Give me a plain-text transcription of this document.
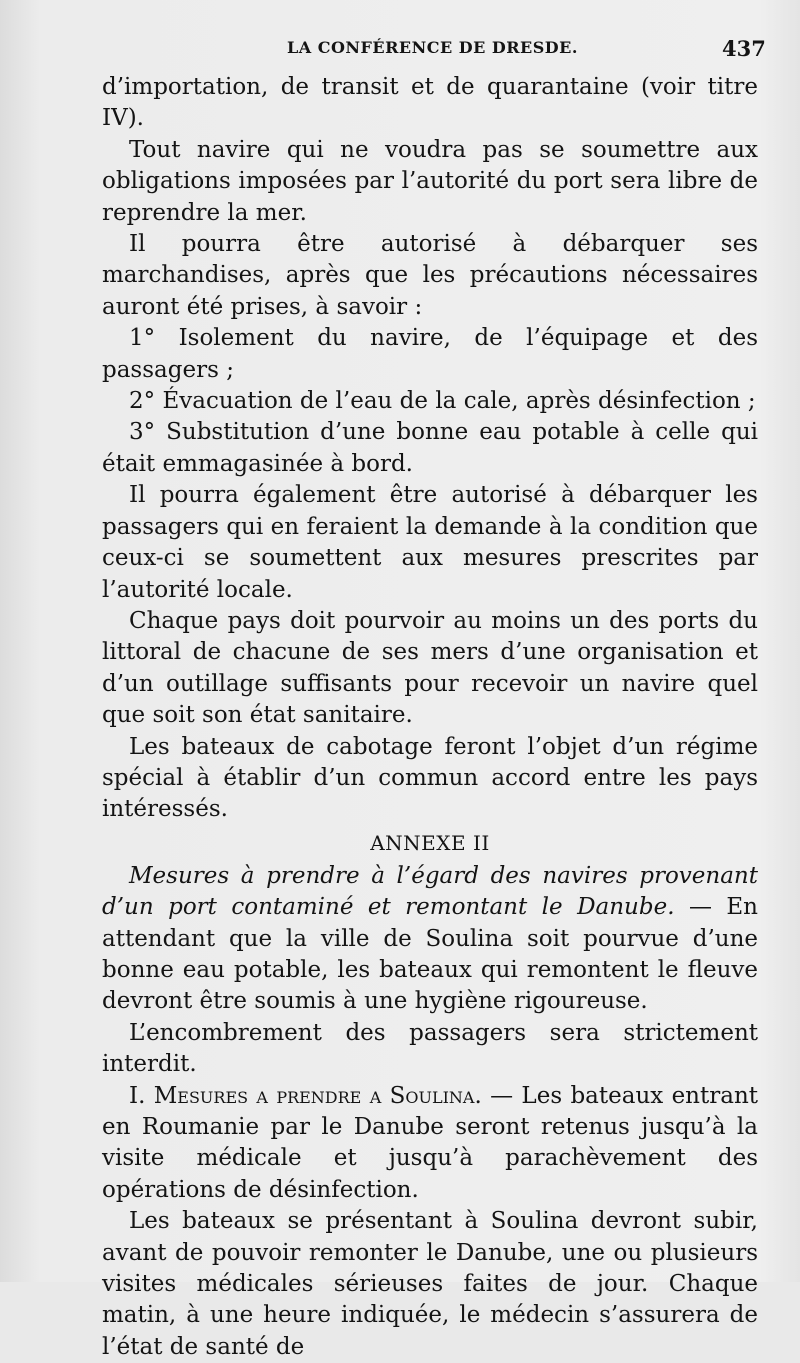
LA CONFÉRENCE DE DRESDE.	437

d’importation, de transit et de quarantaine (voir titre IV).

Tout navire qui ne voudra pas se soumettre aux obligations imposées par l’autorité du port sera libre de reprendre la mer.

Il pourra être autorisé à débarquer ses marchandises, après que les précautions nécessaires auront été prises, à savoir :

1° Isolement du navire, de l’équipage et des passagers ;

2° Évacuation de l’eau de la cale, après désinfection ;

3° Substitution d’une bonne eau potable à celle qui était emmagasinée à bord.

Il pourra également être autorisé à débarquer les passagers qui en feraient la demande à la condition que ceux-ci se soumettent aux mesures prescrites par l’autorité locale.

Chaque pays doit pourvoir au moins un des ports du littoral de chacune de ses mers d’une organisation et d’un outillage suffisants pour recevoir un navire quel que soit son état sanitaire.

Les bateaux de cabotage feront l’objet d’un régime spécial à établir d’un commun accord entre les pays intéressés.

ANNEXE II

Mesures à prendre à l’égard des navires provenant d’un port contaminé et remontant le Danube. — En attendant que la ville de Soulina soit pourvue d’une bonne eau potable, les bateaux qui remontent le fleuve devront être soumis à une hygiène rigoureuse.

L’encombrement des passagers sera strictement interdit.

I. Mesures a prendre a Soulina. — Les bateaux entrant en Roumanie par le Danube seront retenus jusqu’à la visite médicale et jusqu’à parachèvement des opérations de désinfection.

Les bateaux se présentant à Soulina devront subir, avant de pouvoir remonter le Danube, une ou plusieurs visites médicales sérieuses faites de jour. Chaque matin, à une heure indiquée, le médecin s’assurera de l’état de santé de
